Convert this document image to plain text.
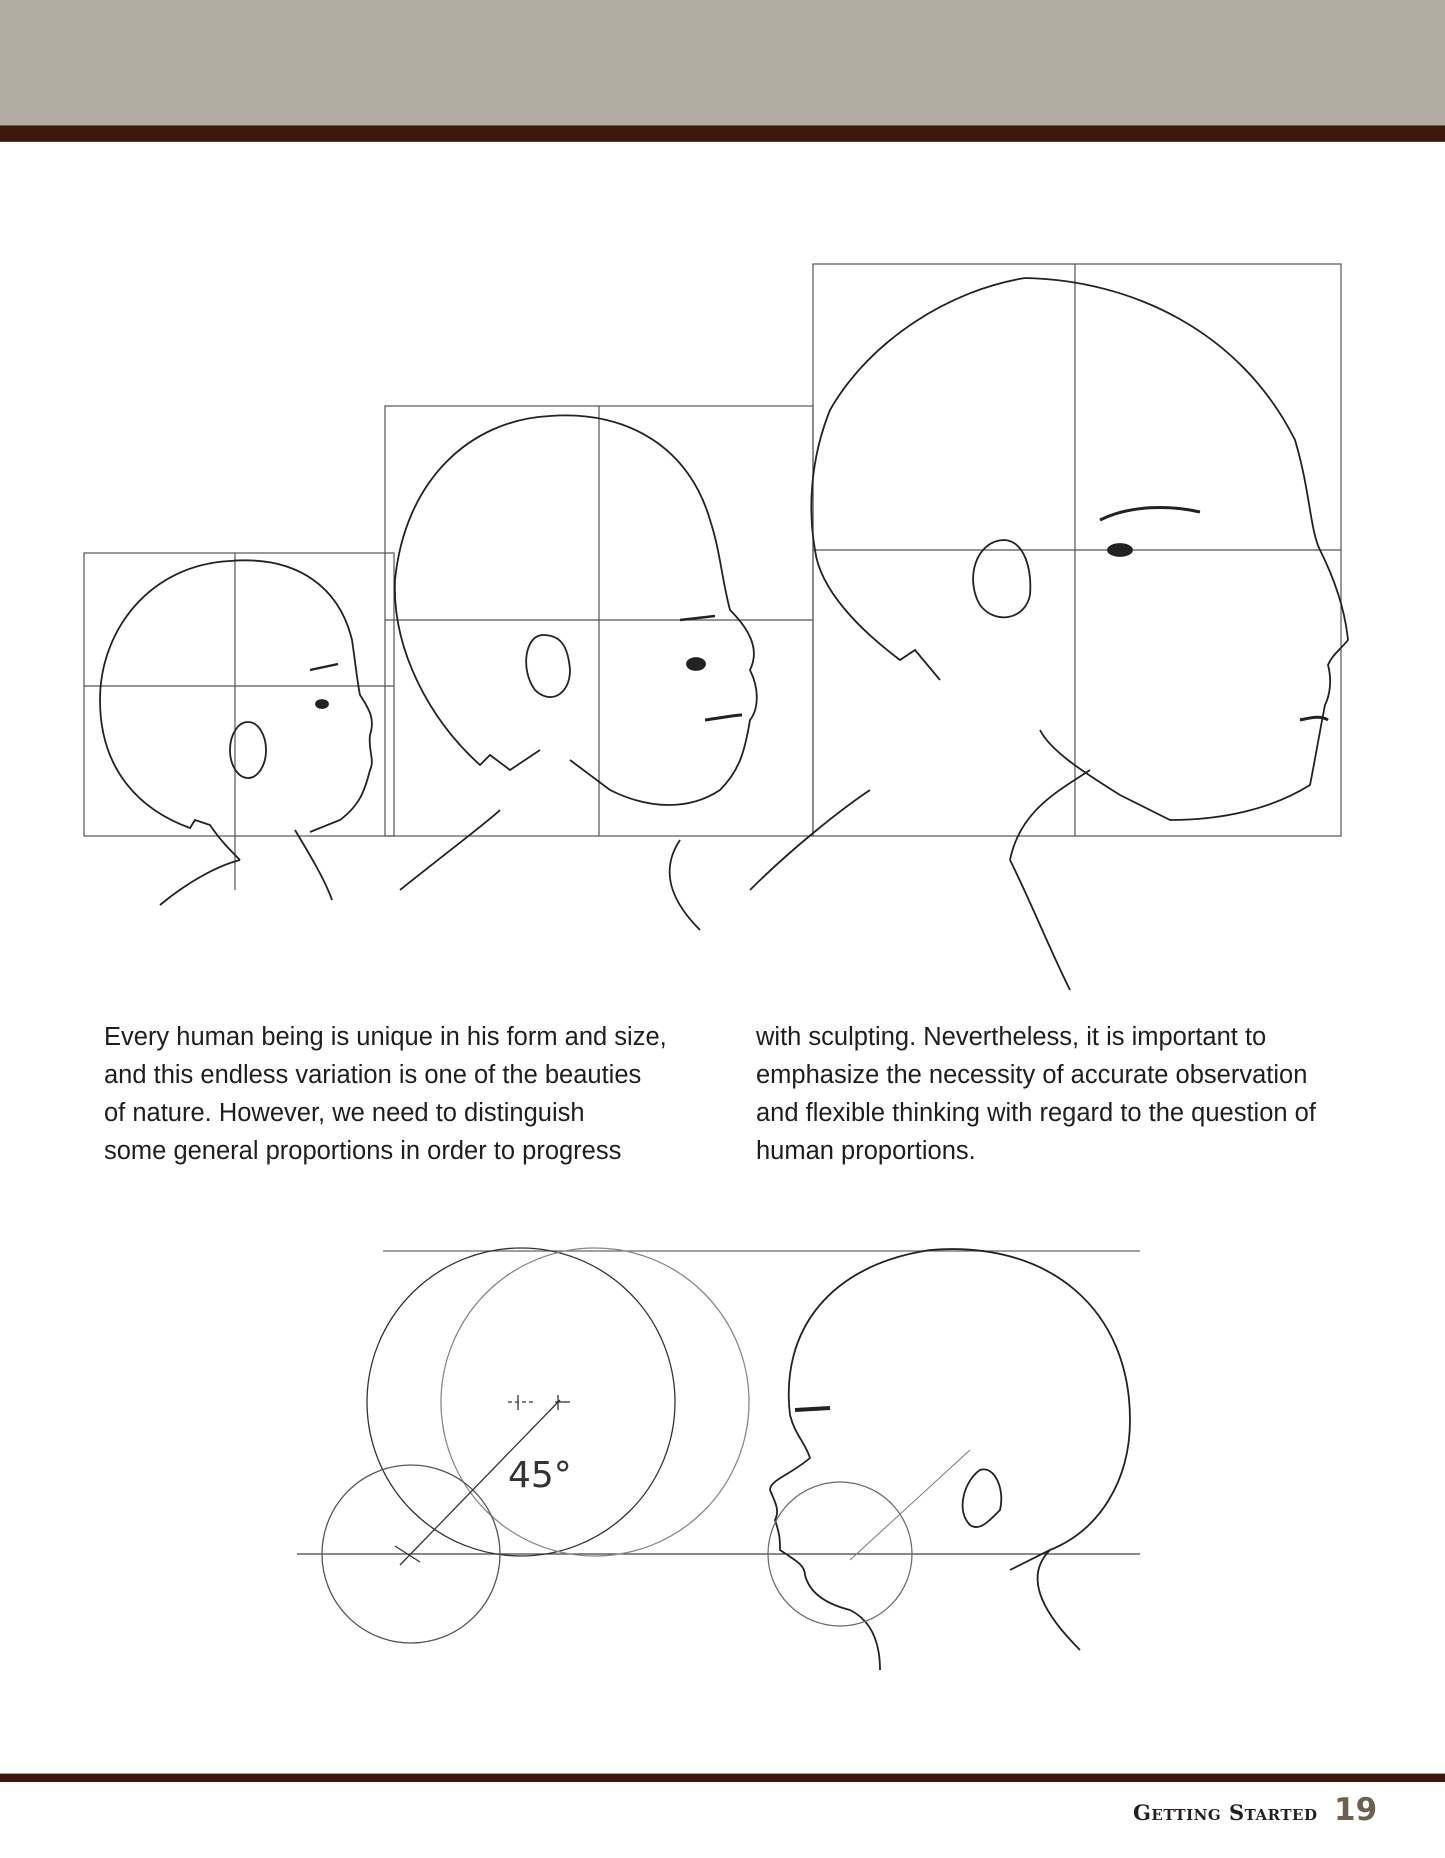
Every human being is unique in his form and size,
and this endless variation is one of the beauties
of nature. However, we need to distinguish
some general proportions in order to progress
with sculpting. Nevertheless, it is important to
emphasize the necessity of accurate observation
and flexible thinking with regard to the question of
human proportions.
45°
Getting Started 19
